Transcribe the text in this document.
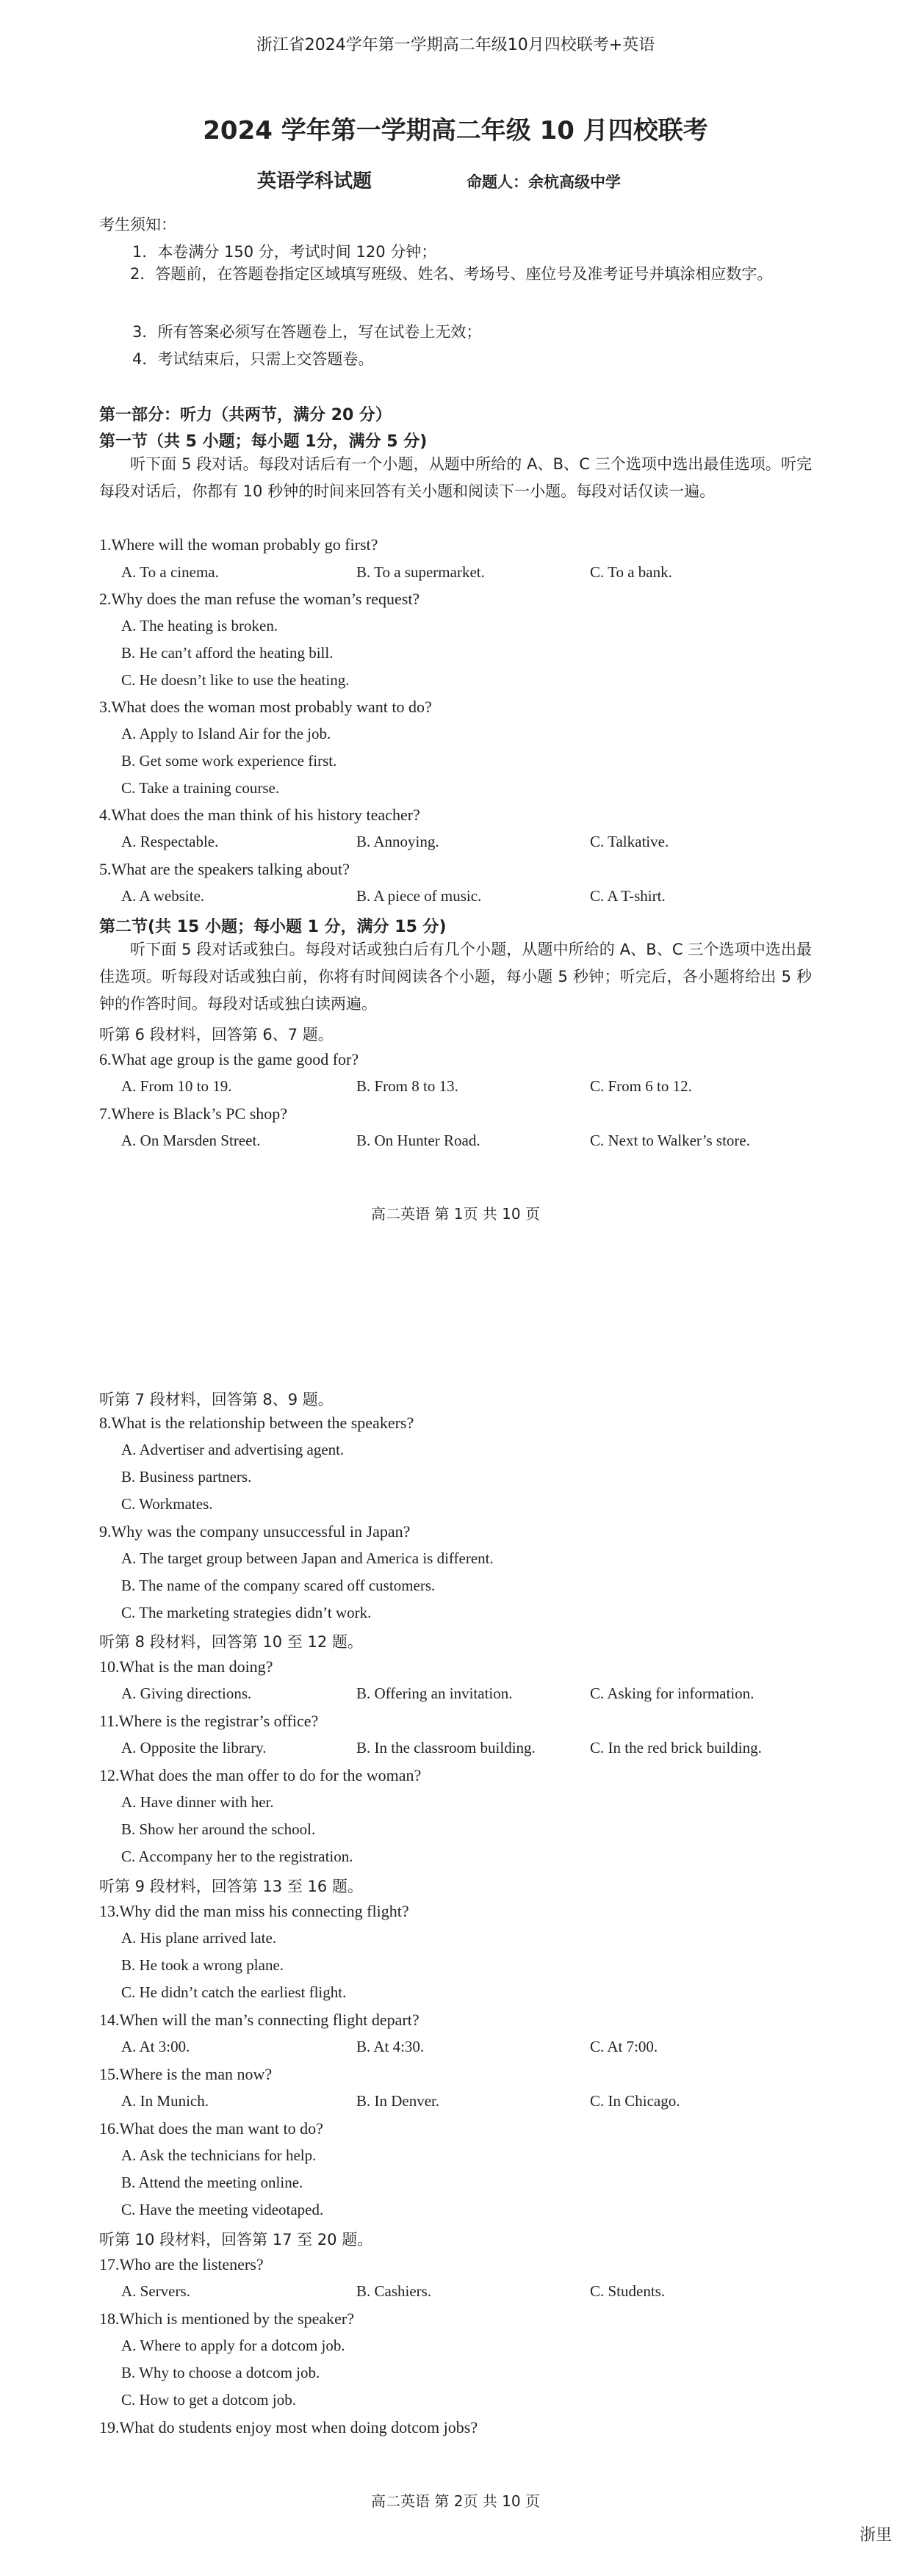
浙江省2024学年第一学期高二年级10月四校联考+英语
2024 学年第一学期高二年级 10 月四校联考
英语学科试题	命题人：余杭高级中学
考生须知：
1．本卷满分 150 分，考试时间 120 分钟；
2．答题前，在答题卷指定区域填写班级、姓名、考场号、座位号及准考证号并填涂相应数字。
3．所有答案必须写在答题卷上，写在试卷上无效；
4．考试结束后，只需上交答题卷。
第一部分：听力（共两节，满分 20 分）
第一节（共 5 小题；每小题 1分，满分 5 分)
听下面 5 段对话。每段对话后有一个小题，从题中所给的 A、B、C 三个选项中选出最佳选项。听完每段对话后，你都有 10 秒钟的时间来回答有关小题和阅读下一小题。每段对话仅读一遍。
1.Where will the woman probably go first?
A. To a cinema.	B. To a supermarket.	C. To a bank.
2.Why does the man refuse the woman’s request?
A. The heating is broken.
B. He can’t afford the heating bill.
C. He doesn’t like to use the heating.
3.What does the woman most probably want to do?
A. Apply to Island Air for the job.
B. Get some work experience first.
C. Take a training course.
4.What does the man think of his history teacher?
A. Respectable.	B. Annoying.	C. Talkative.
5.What are the speakers talking about?
A. A website.	B. A piece of music.	C. A T-shirt.
第二节(共 15 小题；每小题 1 分，满分 15 分)
听下面 5 段对话或独白。每段对话或独白后有几个小题，从题中所给的 A、B、C 三个选项中选出最佳选项。听每段对话或独白前，你将有时间阅读各个小题，每小题 5 秒钟；听完后，各小题将给出 5 秒钟的作答时间。每段对话或独白读两遍。
听第 6 段材料，回答第 6、7 题。
6.What age group is the game good for?
A. From 10 to 19.	B. From 8 to 13.	C. From 6 to 12.
7.Where is Black’s PC shop?
A. On Marsden Street.	B. On Hunter Road.	C. Next to Walker’s store.
高二英语 第 1页 共 10 页
听第 7 段材料，回答第 8、9 题。
8.What is the relationship between the speakers?
A. Advertiser and advertising agent.
B. Business partners.
C. Workmates.
9.Why was the company unsuccessful in Japan?
A. The target group between Japan and America is different.
B. The name of the company scared off customers.
C. The marketing strategies didn’t work.
听第 8 段材料，回答第 10 至 12 题。
10.What is the man doing?
A. Giving directions.	B. Offering an invitation.	C. Asking for information.
11.Where is the registrar’s office?
A. Opposite the library.	B. In the classroom building.	C. In the red brick building.
12.What does the man offer to do for the woman?
A. Have dinner with her.
B. Show her around the school.
C. Accompany her to the registration.
听第 9 段材料，回答第 13 至 16 题。
13.Why did the man miss his connecting flight?
A. His plane arrived late.
B. He took a wrong plane.
C. He didn’t catch the earliest flight.
14.When will the man’s connecting flight depart?
A. At 3:00.	B. At 4:30.	C. At 7:00.
15.Where is the man now?
A. In Munich.	B. In Denver.	C. In Chicago.
16.What does the man want to do?
A. Ask the technicians for help.
B. Attend the meeting online.
C. Have the meeting videotaped.
听第 10 段材料，回答第 17 至 20 题。
17.Who are the listeners?
A. Servers.	B. Cashiers.	C. Students.
18.Which is mentioned by the speaker?
A. Where to apply for a dotcom job.
B. Why to choose a dotcom job.
C. How to get a dotcom job.
19.What do students enjoy most when doing dotcom jobs?
高二英语 第 2页 共 10 页
浙里
